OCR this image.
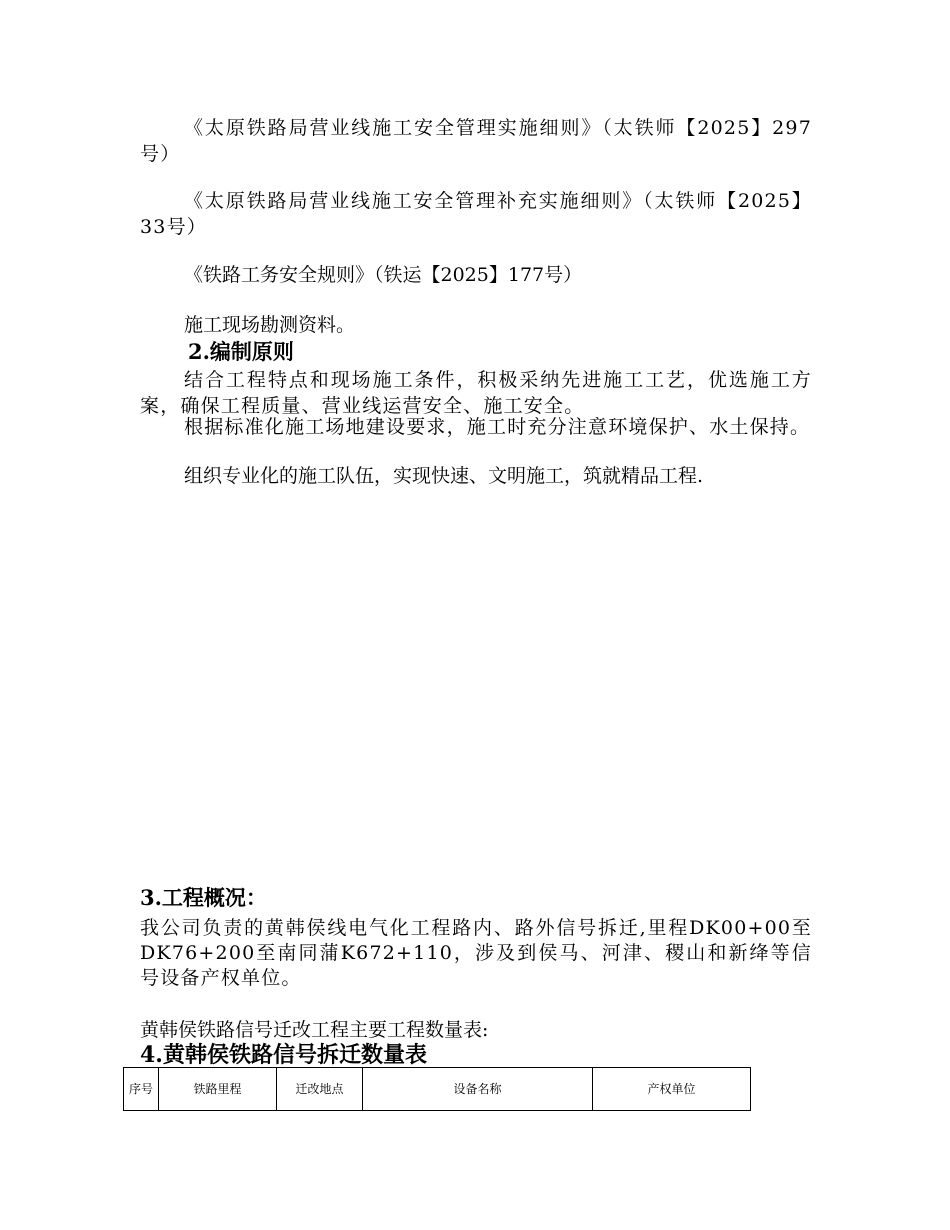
《太原铁路局营业线施工安全管理实施细则》（太铁师【2025】297号）

《太原铁路局营业线施工安全管理补充实施细则》（太铁师【2025】33号）

《铁路工务安全规则》（铁运【2025】177号）

施工现场勘测资料。

2.编制原则

结合工程特点和现场施工条件，积极采纳先进施工工艺，优选施工方案，确保工程质量、营业线运营安全、施工安全。

根据标准化施工场地建设要求，施工时充分注意环境保护、水土保持。

组织专业化的施工队伍，实现快速、文明施工，筑就精品工程.

3.工程概况：

我公司负责的黄韩侯线电气化工程路内、路外信号拆迁,里程DK00+00至DK76+200至南同蒲K672+110，涉及到侯马、河津、稷山和新绛等信号设备产权单位。

黄韩侯铁路信号迁改工程主要工程数量表:

4.黄韩侯铁路信号拆迁数量表

序号	铁路里程	迁改地点	设备名称	产权单位
